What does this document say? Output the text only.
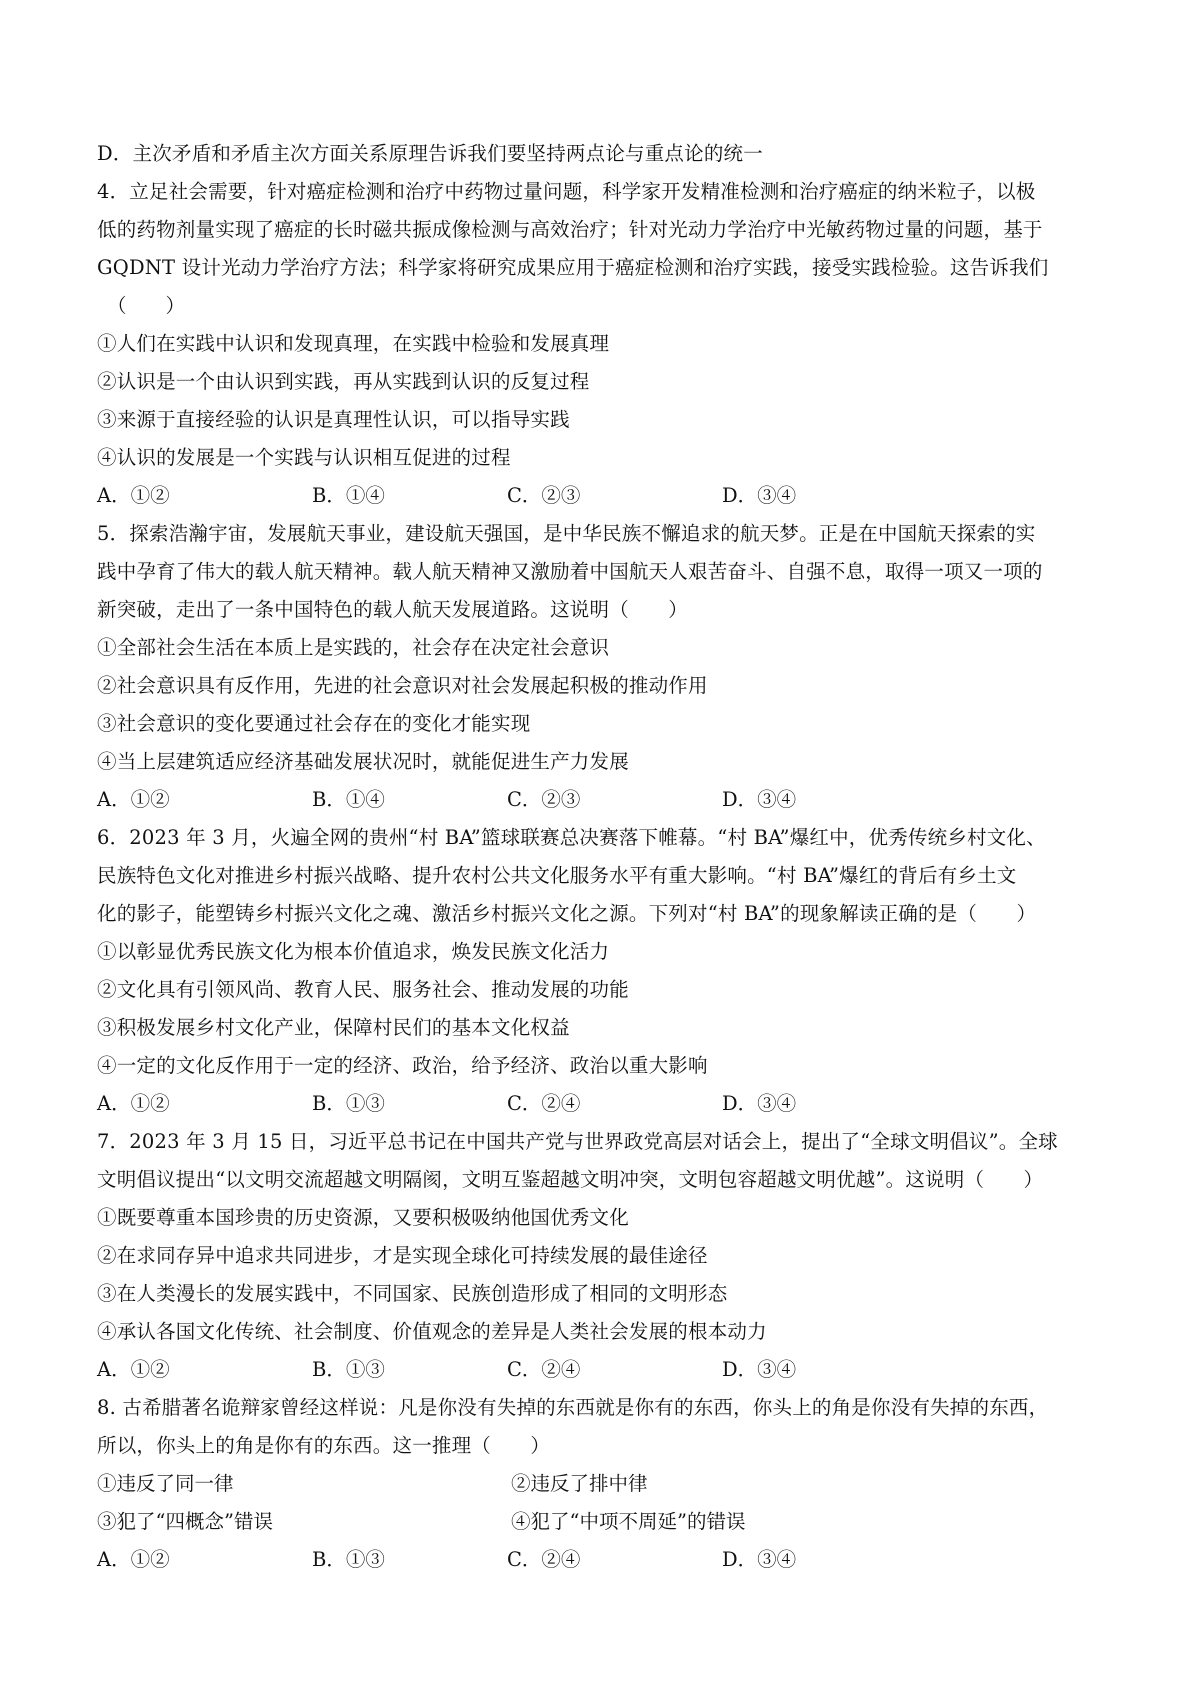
D．主次矛盾和矛盾主次方面关系原理告诉我们要坚持两点论与重点论的统一
4．立足社会需要，针对癌症检测和治疗中药物过量问题，科学家开发精准检测和治疗癌症的纳米粒子，以极
低的药物剂量实现了癌症的长时磁共振成像检测与高效治疗；针对光动力学治疗中光敏药物过量的问题，基于
GQDNT 设计光动力学治疗方法；科学家将研究成果应用于癌症检测和治疗实践，接受实践检验。这告诉我们
（　　）
①人们在实践中认识和发现真理，在实践中检验和发展真理
②认识是一个由认识到实践，再从实践到认识的反复过程
③来源于直接经验的认识是真理性认识，可以指导实践
④认识的发展是一个实践与认识相互促进的过程
A．①②	B．①④	C．②③	D．③④
5．探索浩瀚宇宙，发展航天事业，建设航天强国，是中华民族不懈追求的航天梦。正是在中国航天探索的实
践中孕育了伟大的载人航天精神。载人航天精神又激励着中国航天人艰苦奋斗、自强不息，取得一项又一项的
新突破，走出了一条中国特色的载人航天发展道路。这说明（　　）
①全部社会生活在本质上是实践的，社会存在决定社会意识
②社会意识具有反作用，先进的社会意识对社会发展起积极的推动作用
③社会意识的变化要通过社会存在的变化才能实现
④当上层建筑适应经济基础发展状况时，就能促进生产力发展
A．①②	B．①④	C．②③	D．③④
6．2023 年 3 月，火遍全网的贵州“村 BA”篮球联赛总决赛落下帷幕。“村 BA”爆红中，优秀传统乡村文化、
民族特色文化对推进乡村振兴战略、提升农村公共文化服务水平有重大影响。“村 BA”爆红的背后有乡土文
化的影子，能塑铸乡村振兴文化之魂、激活乡村振兴文化之源。下列对“村 BA”的现象解读正确的是（　　）
①以彰显优秀民族文化为根本价值追求，焕发民族文化活力
②文化具有引领风尚、教育人民、服务社会、推动发展的功能
③积极发展乡村文化产业，保障村民们的基本文化权益
④一定的文化反作用于一定的经济、政治，给予经济、政治以重大影响
A．①②	B．①③	C．②④	D．③④
7．2023 年 3 月 15 日，习近平总书记在中国共产党与世界政党高层对话会上，提出了“全球文明倡议”。全球
文明倡议提出“以文明交流超越文明隔阂，文明互鉴超越文明冲突，文明包容超越文明优越”。这说明（　　）
①既要尊重本国珍贵的历史资源，又要积极吸纳他国优秀文化
②在求同存异中追求共同进步，才是实现全球化可持续发展的最佳途径
③在人类漫长的发展实践中，不同国家、民族创造形成了相同的文明形态
④承认各国文化传统、社会制度、价值观念的差异是人类社会发展的根本动力
A．①②	B．①③	C．②④	D．③④
8. 古希腊著名诡辩家曾经这样说：凡是你没有失掉的东西就是你有的东西，你头上的角是你没有失掉的东西，
所以，你头上的角是你有的东西。这一推理（　　）
①违反了同一律	②违反了排中律
③犯了“四概念”错误	④犯了“中项不周延”的错误
A．①②	B．①③	C．②④	D．③④
